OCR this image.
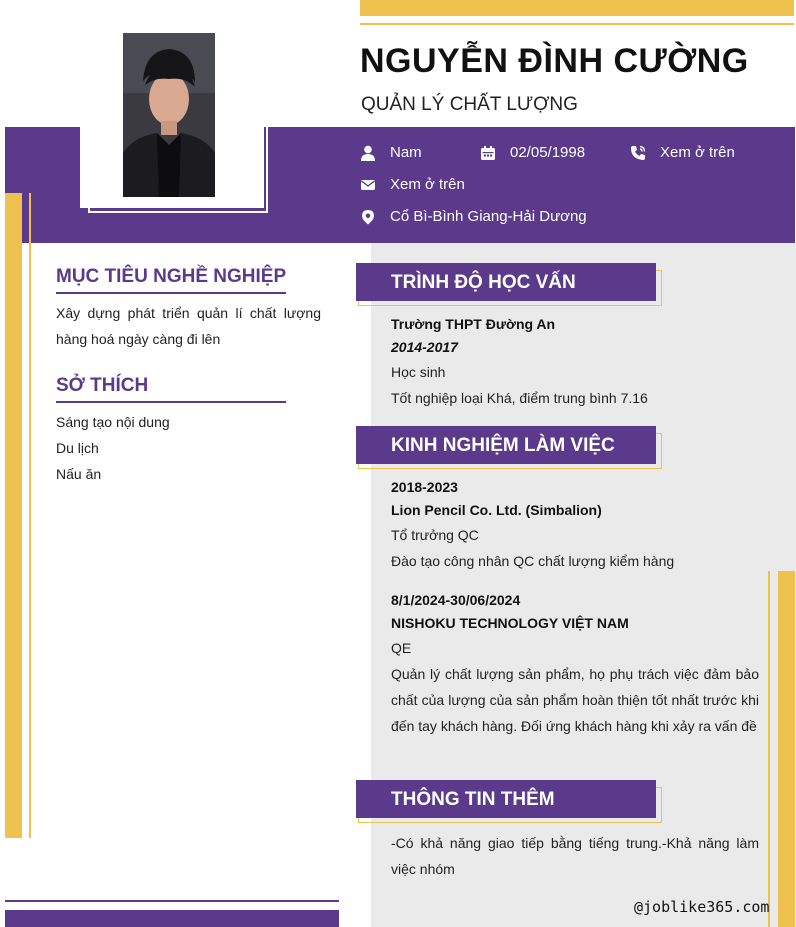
NGUYỄN ĐÌNH CƯỜNG
QUẢN LÝ CHẤT LƯỢNG
Nam	02/05/1998	Xem ở trên
Xem ở trên
Cổ Bì-Bình Giang-Hải Dương
MỤC TIÊU NGHỀ NGHIỆP
Xây dựng phát triển quản lí chất lượng hàng hoá ngày càng đi lên
SỞ THÍCH
Sáng tạo nội dung
Du lịch
Nấu ăn
TRÌNH ĐỘ HỌC VẤN
Trường THPT Đường An
2014-2017
Học sinh
Tốt nghiệp loại Khá, điểm trung bình 7.16
KINH NGHIỆM LÀM VIỆC
2018-2023
Lion Pencil Co. Ltd. (Simbalion)
Tổ trưởng QC
Đào tạo công nhân QC chất lượng kiểm hàng
8/1/2024-30/06/2024
NISHOKU TECHNOLOGY VIỆT NAM
QE
Quản lý chất lượng sản phẩm, họ phụ trách việc đảm bảo chất của lượng của sản phẩm hoàn thiện tốt nhất trước khi đến tay khách hàng. Đối ứng khách hàng khi xảy ra vấn đề
THÔNG TIN THÊM
-Có khả năng giao tiếp bằng tiếng trung.-Khả năng làm việc nhóm
@joblike365.com
